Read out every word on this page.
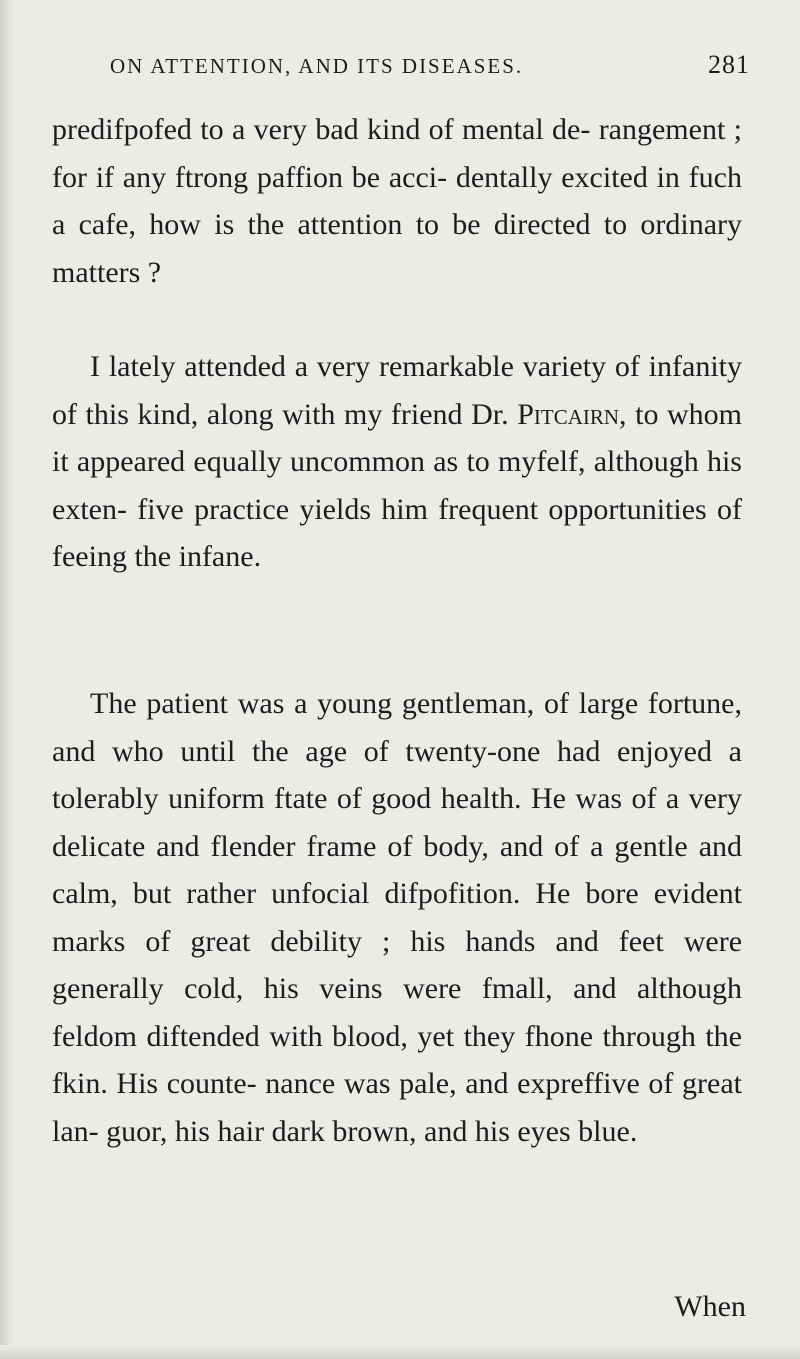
ON ATTENTION, AND ITS DISEASES.	281

predifpofed to a very bad kind of mental de- rangement ; for if any ftrong paffion be acci- dentally excited in fuch a cafe, how is the attention to be directed to ordinary matters ?

I lately attended a very remarkable variety of infanity of this kind, along with my friend Dr. Pitcairn, to whom it appeared equally uncommon as to myfelf, although his exten- five practice yields him frequent opportunities of feeing the infane.

The patient was a young gentleman, of large fortune, and who until the age of twenty-one had enjoyed a tolerably uniform ftate of good health. He was of a very delicate and flender frame of body, and of a gentle and calm, but rather unfocial difpofition. He bore evident marks of great debility ; his hands and feet were generally cold, his veins were fmall, and although feldom diftended with blood, yet they fhone through the fkin. His counte- nance was pale, and expreffive of great lan- guor, his hair dark brown, and his eyes blue.

When
